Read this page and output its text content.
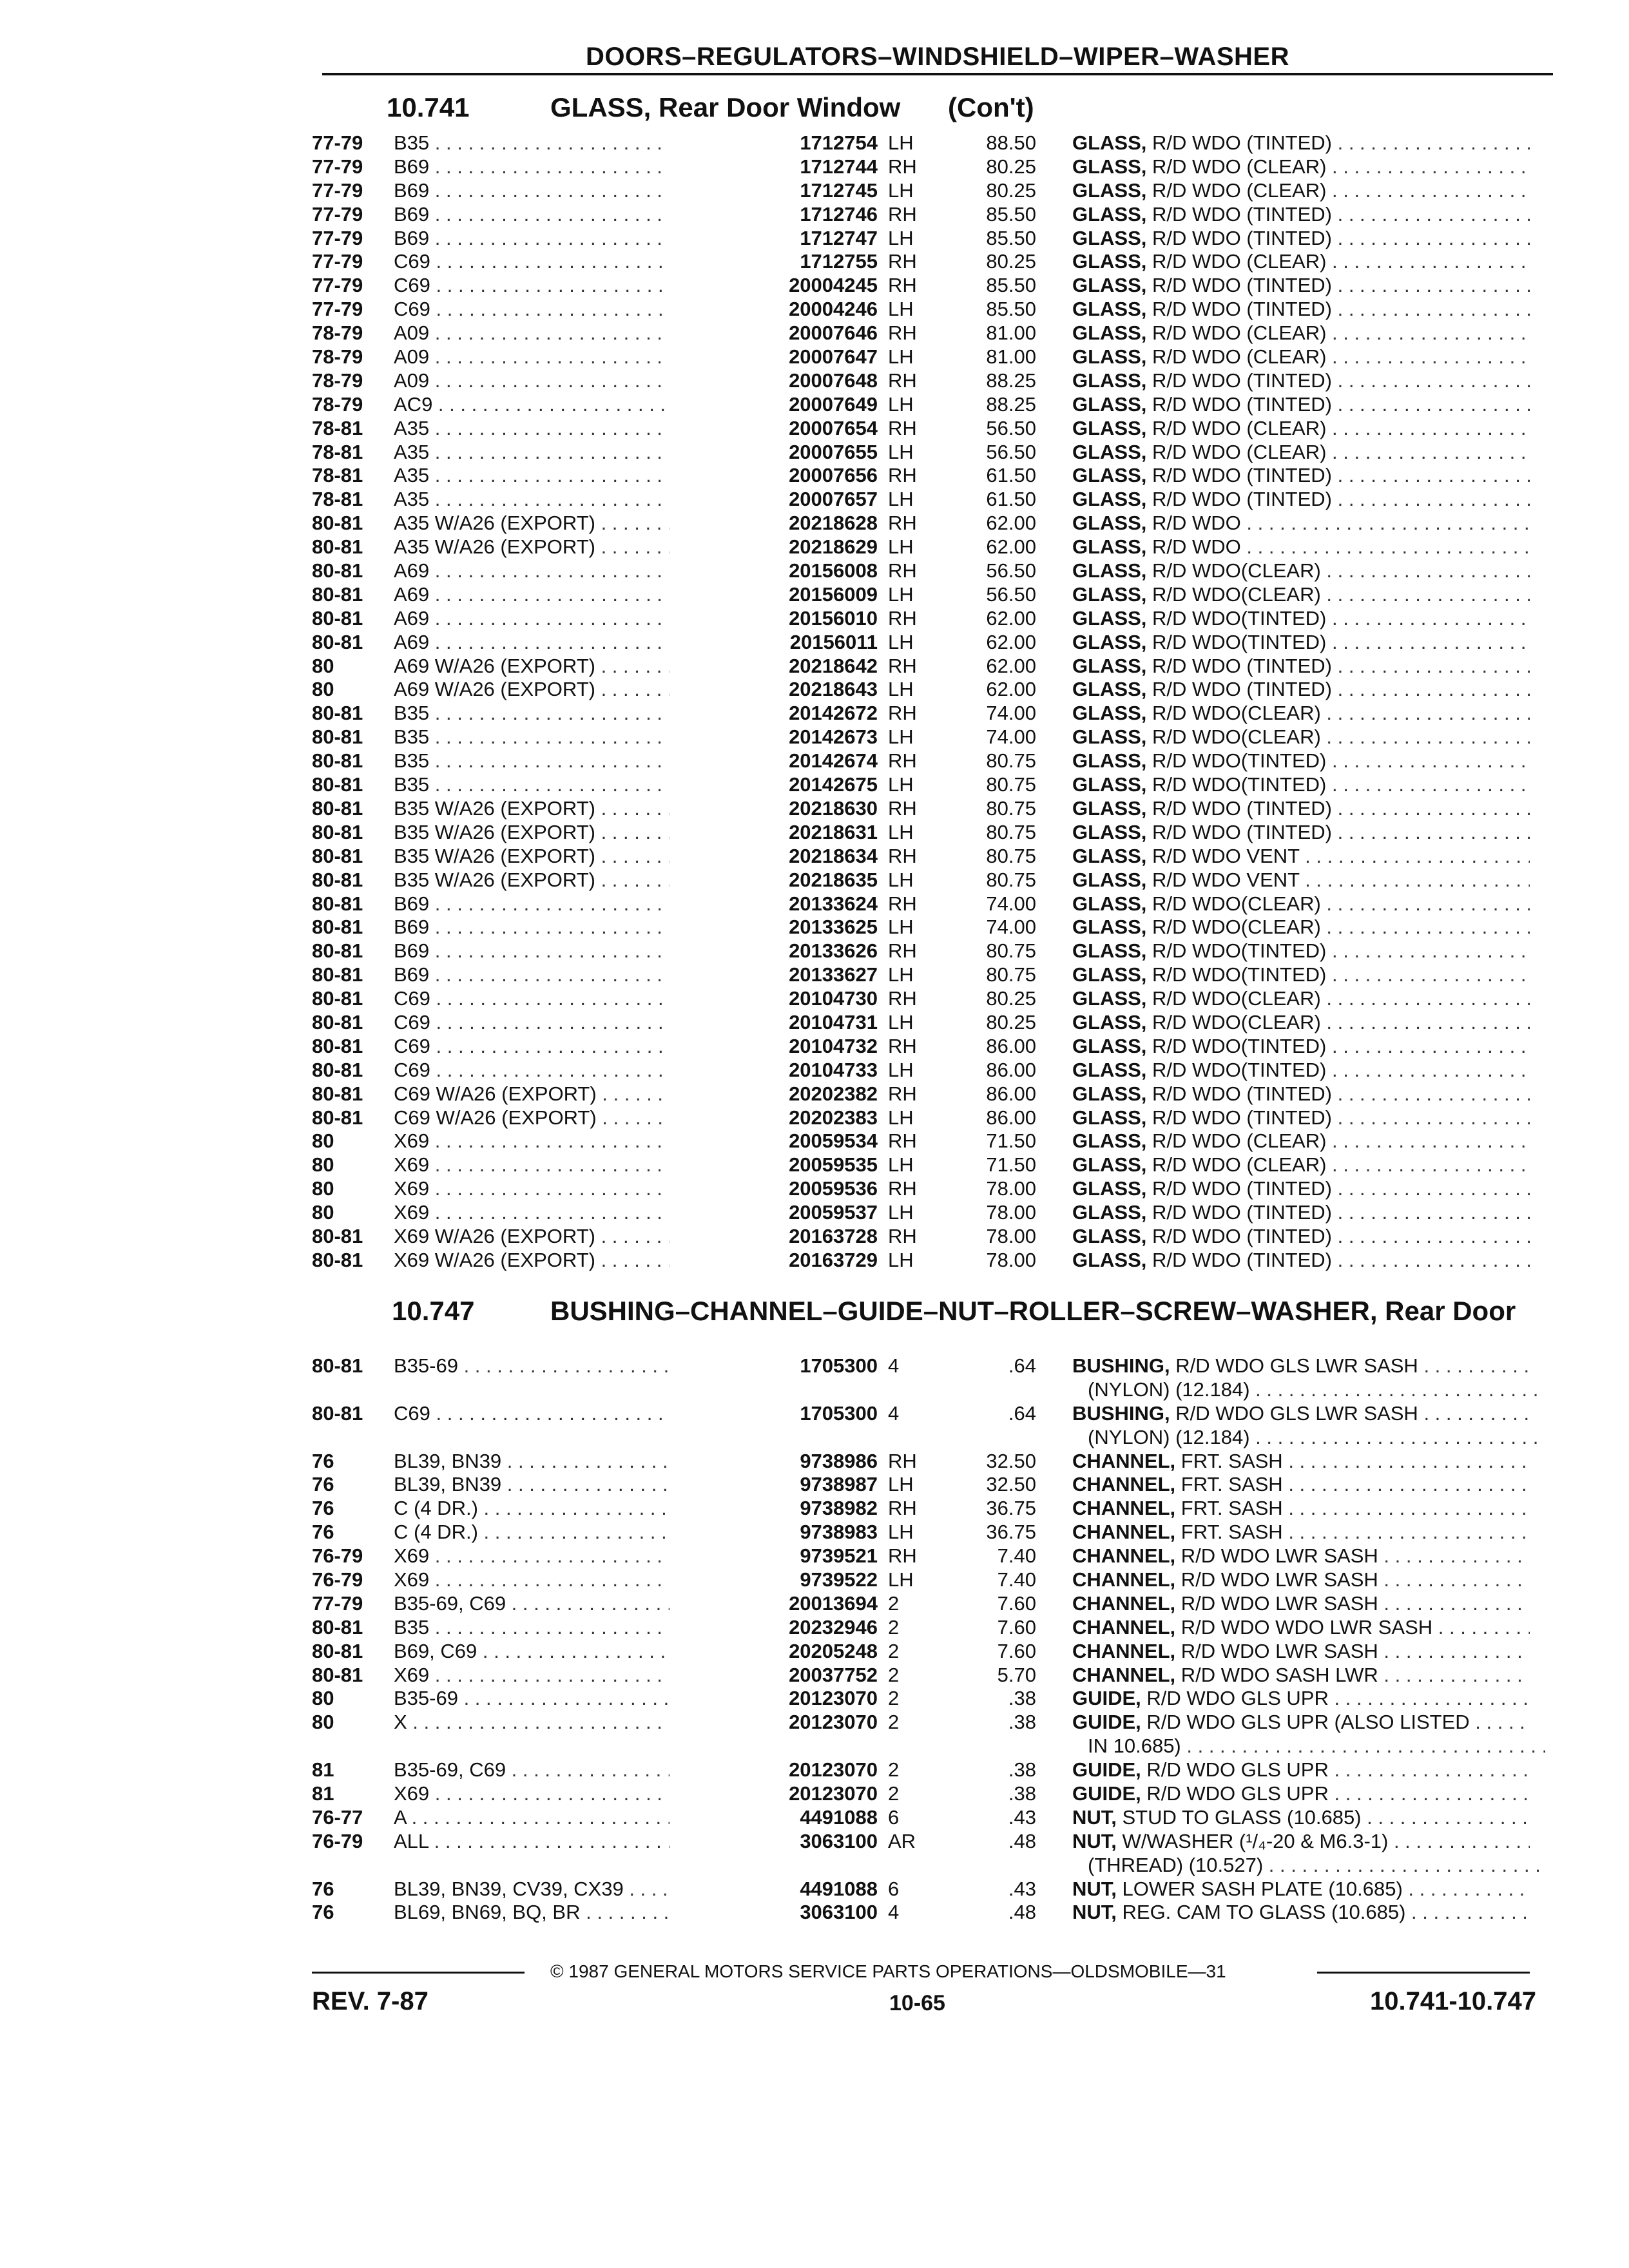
DOORS–REGULATORS–WINDSHIELD–WIPER–WASHER
10.741	GLASS, Rear Door Window (Con't)
77-79	B35 . . .	1712754 LH	88.50 GLASS, R/D WDO (TINTED) . . .
77-79	B69 . . .	1712744 RH	80.25 GLASS, R/D WDO (CLEAR) . . .
77-79	B69 . . .	1712745 LH	80.25 GLASS, R/D WDO (CLEAR) . . .
77-79	B69 . . .	1712746 RH	85.50 GLASS, R/D WDO (TINTED) . . .
77-79	B69 . . .	1712747 LH	85.50 GLASS, R/D WDO (TINTED) . . .
77-79	C69 . . .	1712755 RH	80.25 GLASS, R/D WDO (CLEAR) . . .
77-79	C69 . . .	20004245 RH	85.50 GLASS, R/D WDO (TINTED) . . .
77-79	C69 . . .	20004246 LH	85.50 GLASS, R/D WDO (TINTED) . . .
78-79	A09 . . .	20007646 RH	81.00 GLASS, R/D WDO (CLEAR) . . .
78-79	A09 . . .	20007647 LH	81.00 GLASS, R/D WDO (CLEAR) . . .
78-79	A09 . . .	20007648 RH	88.25 GLASS, R/D WDO (TINTED) . . .
78-79	AC9 . . .	20007649 LH	88.25 GLASS, R/D WDO (TINTED) . . .
78-81	A35 . . .	20007654 RH	56.50 GLASS, R/D WDO (CLEAR) . . .
78-81	A35 . . .	20007655 LH	56.50 GLASS, R/D WDO (CLEAR) . . .
78-81	A35 . . .	20007656 RH	61.50 GLASS, R/D WDO (TINTED) . . .
78-81	A35 . . .	20007657 LH	61.50 GLASS, R/D WDO (TINTED) . . .
80-81	A35 W/A26 (EXPORT) . . .	20218628 RH	62.00 GLASS, R/D WDO . . .
80-81	A35 W/A26 (EXPORT) . . .	20218629 LH	62.00 GLASS, R/D WDO . . .
80-81	A69 . . .	20156008 RH	56.50 GLASS, R/D WDO(CLEAR) . . .
80-81	A69 . . .	20156009 LH	56.50 GLASS, R/D WDO(CLEAR) . . .
80-81	A69 . . .	20156010 RH	62.00 GLASS, R/D WDO(TINTED) . . .
80-81	A69 . . .	20156011 LH	62.00 GLASS, R/D WDO(TINTED) . . .
80	A69 W/A26 (EXPORT) . . .	20218642 RH	62.00 GLASS, R/D WDO (TINTED) . . .
80	A69 W/A26 (EXPORT) . . .	20218643 LH	62.00 GLASS, R/D WDO (TINTED) . . .
80-81	B35 . . .	20142672 RH	74.00 GLASS, R/D WDO(CLEAR) . . .
80-81	B35 . . .	20142673 LH	74.00 GLASS, R/D WDO(CLEAR) . . .
80-81	B35 . . .	20142674 RH	80.75 GLASS, R/D WDO(TINTED) . . .
80-81	B35 . . .	20142675 LH	80.75 GLASS, R/D WDO(TINTED) . . .
80-81	B35 W/A26 (EXPORT) . . .	20218630 RH	80.75 GLASS, R/D WDO (TINTED) . . .
80-81	B35 W/A26 (EXPORT) . . .	20218631 LH	80.75 GLASS, R/D WDO (TINTED) . . .
80-81	B35 W/A26 (EXPORT) . . .	20218634 RH	80.75 GLASS, R/D WDO VENT . . .
80-81	B35 W/A26 (EXPORT) . . .	20218635 LH	80.75 GLASS, R/D WDO VENT . . .
80-81	B69 . . .	20133624 RH	74.00 GLASS, R/D WDO(CLEAR) . . .
80-81	B69 . . .	20133625 LH	74.00 GLASS, R/D WDO(CLEAR) . . .
80-81	B69 . . .	20133626 RH	80.75 GLASS, R/D WDO(TINTED) . . .
80-81	B69 . . .	20133627 LH	80.75 GLASS, R/D WDO(TINTED) . . .
80-81	C69 . . .	20104730 RH	80.25 GLASS, R/D WDO(CLEAR) . . .
80-81	C69 . . .	20104731 LH	80.25 GLASS, R/D WDO(CLEAR) . . .
80-81	C69 . . .	20104732 RH	86.00 GLASS, R/D WDO(TINTED) . . .
80-81	C69 . . .	20104733 LH	86.00 GLASS, R/D WDO(TINTED) . . .
80-81	C69 W/A26 (EXPORT) . . .	20202382 RH	86.00 GLASS, R/D WDO (TINTED) . . .
80-81	C69 W/A26 (EXPORT) . . .	20202383 LH	86.00 GLASS, R/D WDO (TINTED) . . .
80	X69 . . .	20059534 RH	71.50 GLASS, R/D WDO (CLEAR) . . .
80	X69 . . .	20059535 LH	71.50 GLASS, R/D WDO (CLEAR) . . .
80	X69 . . .	20059536 RH	78.00 GLASS, R/D WDO (TINTED) . . .
80	X69 . . .	20059537 LH	78.00 GLASS, R/D WDO (TINTED) . . .
80-81	X69 W/A26 (EXPORT) . . .	20163728 RH	78.00 GLASS, R/D WDO (TINTED) . . .
80-81	X69 W/A26 (EXPORT) . . .	20163729 LH	78.00 GLASS, R/D WDO (TINTED) . . .
10.747	BUSHING–CHANNEL–GUIDE–NUT–ROLLER–SCREW–WASHER, Rear Door
80-81	B35-69 . . .	1705300 4	.64 BUSHING, R/D WDO GLS LWR SASH . . .
(NYLON) (12.184) . . .
80-81	C69 . . .	1705300 4	.64 BUSHING, R/D WDO GLS LWR SASH . . .
(NYLON) (12.184) . . .
76	BL39, BN39 . . .	9738986 RH	32.50 CHANNEL, FRT. SASH . . .
76	BL39, BN39 . . .	9738987 LH	32.50 CHANNEL, FRT. SASH . . .
76	C (4 DR.) . . .	9738982 RH	36.75 CHANNEL, FRT. SASH . . .
76	C (4 DR.) . . .	9738983 LH	36.75 CHANNEL, FRT. SASH . . .
76-79	X69 . . .	9739521 RH	7.40 CHANNEL, R/D WDO LWR SASH . . .
76-79	X69 . . .	9739522 LH	7.40 CHANNEL, R/D WDO LWR SASH . . .
77-79	B35-69, C69 . . .	20013694 2	7.60 CHANNEL, R/D WDO LWR SASH . . .
80-81	B35 . . .	20232946 2	7.60 CHANNEL, R/D WDO WDO LWR SASH . . .
80-81	B69, C69 . . .	20205248 2	7.60 CHANNEL, R/D WDO LWR SASH . . .
80-81	X69 . . .	20037752 2	5.70 CHANNEL, R/D WDO SASH LWR . . .
80	B35-69 . . .	20123070 2	.38 GUIDE, R/D WDO GLS UPR . . .
80	X . . .	20123070 2	.38 GUIDE, R/D WDO GLS UPR (ALSO LISTED . . .
IN 10.685) . . .
81	B35-69, C69 . . .	20123070 2	.38 GUIDE, R/D WDO GLS UPR . . .
81	X69 . . .	20123070 2	.38 GUIDE, R/D WDO GLS UPR . . .
76-77	A . . .	4491088 6	.43 NUT, STUD TO GLASS (10.685) . . .
76-79	ALL . . .	3063100 AR	.48 NUT, W/WASHER (¹/₄-20 & M6.3-1) . . .
(THREAD) (10.527) . . .
76	BL39, BN39, CV39, CX39 . . .	4491088 6	.43 NUT, LOWER SASH PLATE (10.685) . . .
76	BL69, BN69, BQ, BR . . .	3063100 4	.48 NUT, REG. CAM TO GLASS (10.685) . . .
© 1987 GENERAL MOTORS SERVICE PARTS OPERATIONS—OLDSMOBILE—31
REV. 7-87	10-65	10.741-10.747
